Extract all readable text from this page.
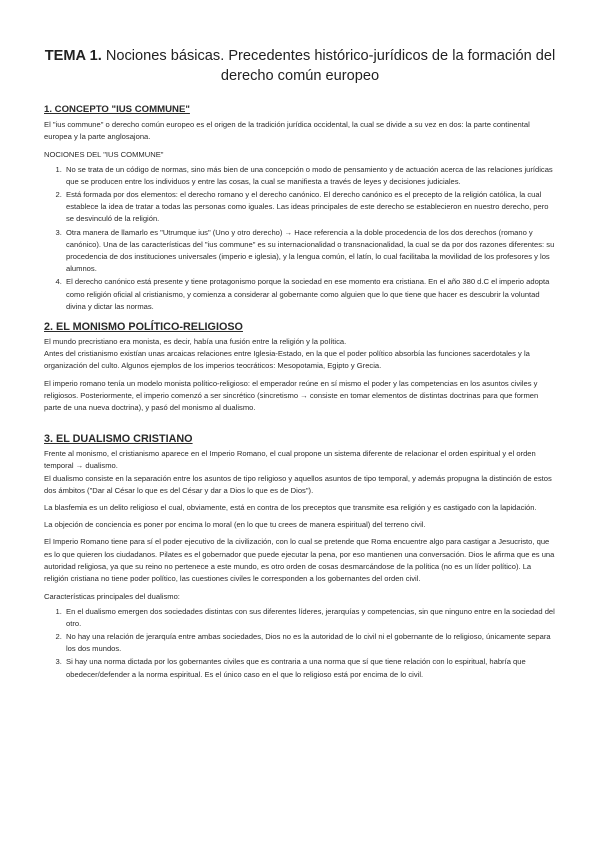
TEMA 1. Nociones básicas. Precedentes histórico-jurídicos de la formación del derecho común europeo
1. CONCEPTO "IUS COMMUNE"

El "ius commune" o derecho común europeo es el origen de la tradición jurídica occidental, la cual se divide a su vez en dos: la parte continental europea y la parte anglosajona.

NOCIONES DEL "IUS COMMUNE"
1. No se trata de un código de normas, sino más bien de una concepción o modo de pensamiento y de actuación acerca de las relaciones jurídicas que se producen entre los individuos y entre las cosas, la cual se manifiesta a través de leyes y decisiones judiciales.
2. Está formada por dos elementos: el derecho romano y el derecho canónico. El derecho canónico es el precepto de la religión católica, la cual establece la idea de tratar a todas las personas como iguales. Las ideas principales de este derecho se establecieron en nuestro derecho, pero se desvinculó de la religión.
3. Otra manera de llamarlo es "Utrumque ius" (Uno y otro derecho) → Hace referencia a la doble procedencia de los dos derechos (romano y canónico). Una de las características del "ius commune" es su internacionalidad o transnacionalidad, la cual se da por dos razones diferentes: su procedencia de dos instituciones universales (imperio e iglesia), y la lengua común, el latín, lo cual facilitaba la movilidad de los profesores y los alumnos.
4. El derecho canónico está presente y tiene protagonismo porque la sociedad en ese momento era cristiana. En el año 380 d.C el imperio adopta como religión oficial al cristianismo, y comienza a considerar al gobernante como alguien que lo que tiene que hacer es descubrir la voluntad divina y dictar las normas.
2. EL MONISMO POLÍTICO-RELIGIOSO

El mundo precristiano era monista, es decir, había una fusión entre la religión y la política.

Antes del cristianismo existían unas arcaicas relaciones entre Iglesia-Estado, en la que el poder político absorbía las funciones sacerdotales y la organización del culto. Algunos ejemplos de los imperios teocráticos: Mesopotamia, Egipto y Grecia.

El imperio romano tenía un modelo monista político-religioso: el emperador reúne en sí mismo el poder y las competencias en los asuntos civiles y religiosos. Posteriormente, el imperio comenzó a ser sincrético (sincretismo → consiste en tomar elementos de distintas doctrinas para que formen parte de una nueva doctrina), y pasó del monismo al dualismo.

3. EL DUALISMO CRISTIANO

Frente al monismo, el cristianismo aparece en el Imperio Romano, el cual propone un sistema diferente de relacionar el orden espiritual y el orden temporal → dualismo.

El dualismo consiste en la separación entre los asuntos de tipo religioso y aquellos asuntos de tipo temporal, y además propugna la distinción de estos dos ámbitos ("Dar al César lo que es del César y dar a Dios lo que es de Dios").

La blasfemia es un delito religioso el cual, obviamente, está en contra de los preceptos que transmite esa religión y es castigado con la lapidación.

La objeción de conciencia es poner por encima lo moral (en lo que tu crees de manera espiritual) del terreno civil.

El Imperio Romano tiene para sí el poder ejecutivo de la civilización, con lo cual se pretende que Roma encuentre algo para castigar a Jesucristo, que es lo que quieren los ciudadanos. Pilates es el gobernador que puede ejecutar la pena, por eso mantienen una conversación. Dios le afirma que es una autoridad religiosa, ya que su reino no pertenece a este mundo, es otro orden de cosas desmarcándose de la política (no es un líder político). La religión cristiana no tiene poder político, las cuestiones civiles le corresponden a los gobernantes del orden civil.

Características principales del dualismo:
1. En el dualismo emergen dos sociedades distintas con sus diferentes líderes, jerarquías y competencias, sin que ninguno entre en la sociedad del otro.
2. No hay una relación de jerarquía entre ambas sociedades, Dios no es la autoridad de lo civil ni el gobernante de lo religioso, únicamente separa los dos mundos.
3. Si hay una norma dictada por los gobernantes civiles que es contraria a una norma que sí que tiene relación con lo espiritual, habría que obedecer/defender a la norma espiritual. Es el único caso en el que lo religioso está por encima de lo civil.
